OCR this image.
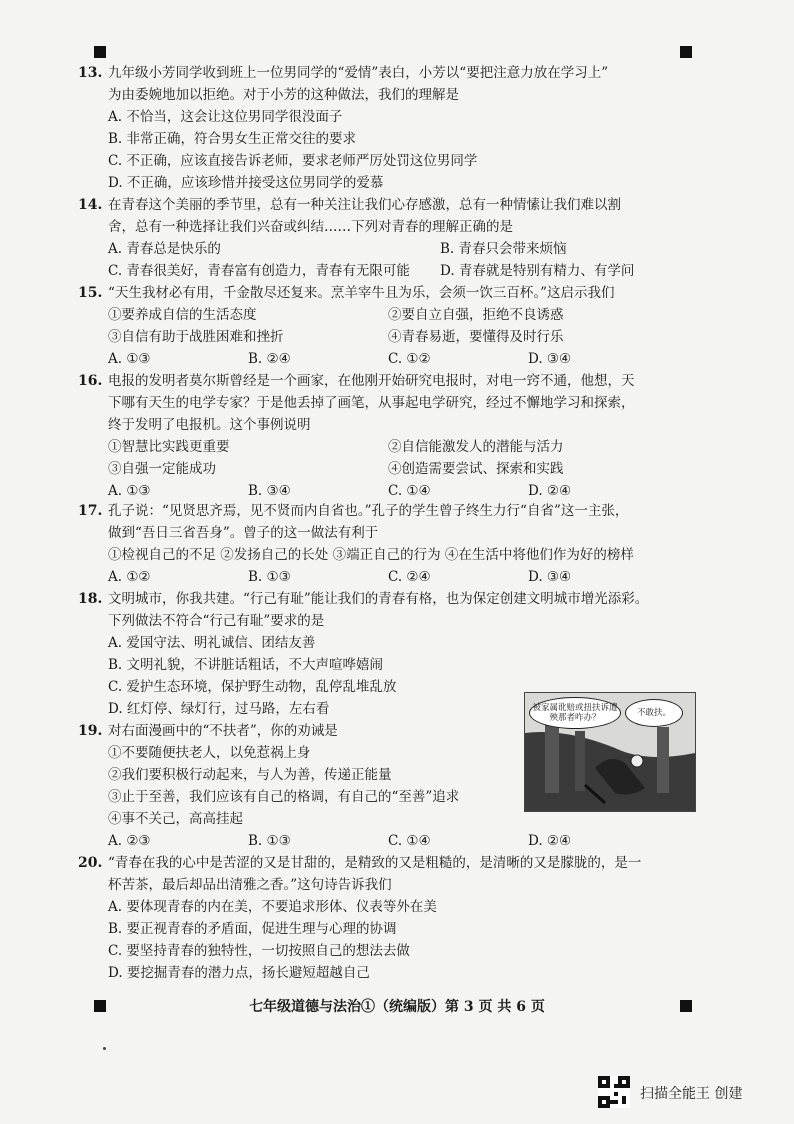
13. 九年级小芳同学收到班上一位男同学的“爱情”表白，小芳以“要把注意力放在学习上”
为由委婉地加以拒绝。对于小芳的这种做法，我们的理解是
A. 不恰当，这会让这位男同学很没面子
B. 非常正确，符合男女生正常交往的要求
C. 不正确，应该直接告诉老师，要求老师严厉处罚这位男同学
D. 不正确，应该珍惜并接受这位男同学的爱慕
14. 在青春这个美丽的季节里，总有一种关注让我们心存感激，总有一种情愫让我们难以割
舍，总有一种选择让我们兴奋或纠结……下列对青春的理解正确的是
A. 青春总是快乐的	B. 青春只会带来烦恼
C. 青春很美好，青春富有创造力，青春有无限可能 D. 青春就是特别有精力、有学问
15. “天生我材必有用，千金散尽还复来。烹羊宰牛且为乐，会须一饮三百杯。”这启示我们
①要养成自信的生活态度	②要自立自强，拒绝不良诱惑
③自信有助于战胜困难和挫折	④青春易逝，要懂得及时行乐
A. ①③	B. ②④	C. ①②	D. ③④
16. 电报的发明者莫尔斯曾经是一个画家，在他刚开始研究电报时，对电一窍不通，他想，天
下哪有天生的电学专家？于是他丢掉了画笔，从事起电学研究，经过不懈地学习和探索，
终于发明了电报机。这个事例说明
①智慧比实践更重要	②自信能激发人的潜能与活力
③自强一定能成功	④创造需要尝试、探索和实践
A. ①③	B. ③④	C. ①④	D. ②④
17. 孔子说：“见贤思齐焉，见不贤而内自省也。”孔子的学生曾子终生力行“自省”这一主张，
做到“吾日三省吾身”。曾子的这一做法有利于
①检视自己的不足 ②发扬自己的长处 ③端正自己的行为 ④在生活中将他们作为好的榜样
A. ①②	B. ①③	C. ②④	D. ③④
18. 文明城市，你我共建。“行己有耻”能让我们的青春有格，也为保定创建文明城市增光添彩。
下列做法不符合“行己有耻”要求的是
A. 爱国守法、明礼诚信、团结友善
B. 文明礼貌，不讲脏话粗话，不大声喧哗嬉闹
C. 爱护生态环境，保护野生动物，乱停乱堆乱放
D. 红灯停、绿灯行，过马路，左右看
19. 对右面漫画中的“不扶者”，你的劝诫是
①不要随便扶老人，以免惹祸上身
②我们要积极行动起来，与人为善，传递正能量
③止于至善，我们应该有自己的格调，有自己的“至善”追求
④事不关己，高高挂起
A. ②③	B. ①③	C. ①④	D. ②④
被家属讹赔或扭扶诉遭殃那者咋办？	不敢扶。
20. “青春在我的心中是苦涩的又是甘甜的，是精致的又是粗糙的，是清晰的又是朦胧的，是一
杯苦茶，最后却品出清雅之香。”这句诗告诉我们
A. 要体现青春的内在美，不要追求形体、仪表等外在美
B. 要正视青春的矛盾面，促进生理与心理的协调
C. 要坚持青春的独特性，一切按照自己的想法去做
D. 要挖掘青春的潜力点，扬长避短超越自己
七年级道德与法治①（统编版）第 3 页 共 6 页
扫描全能王 创建
